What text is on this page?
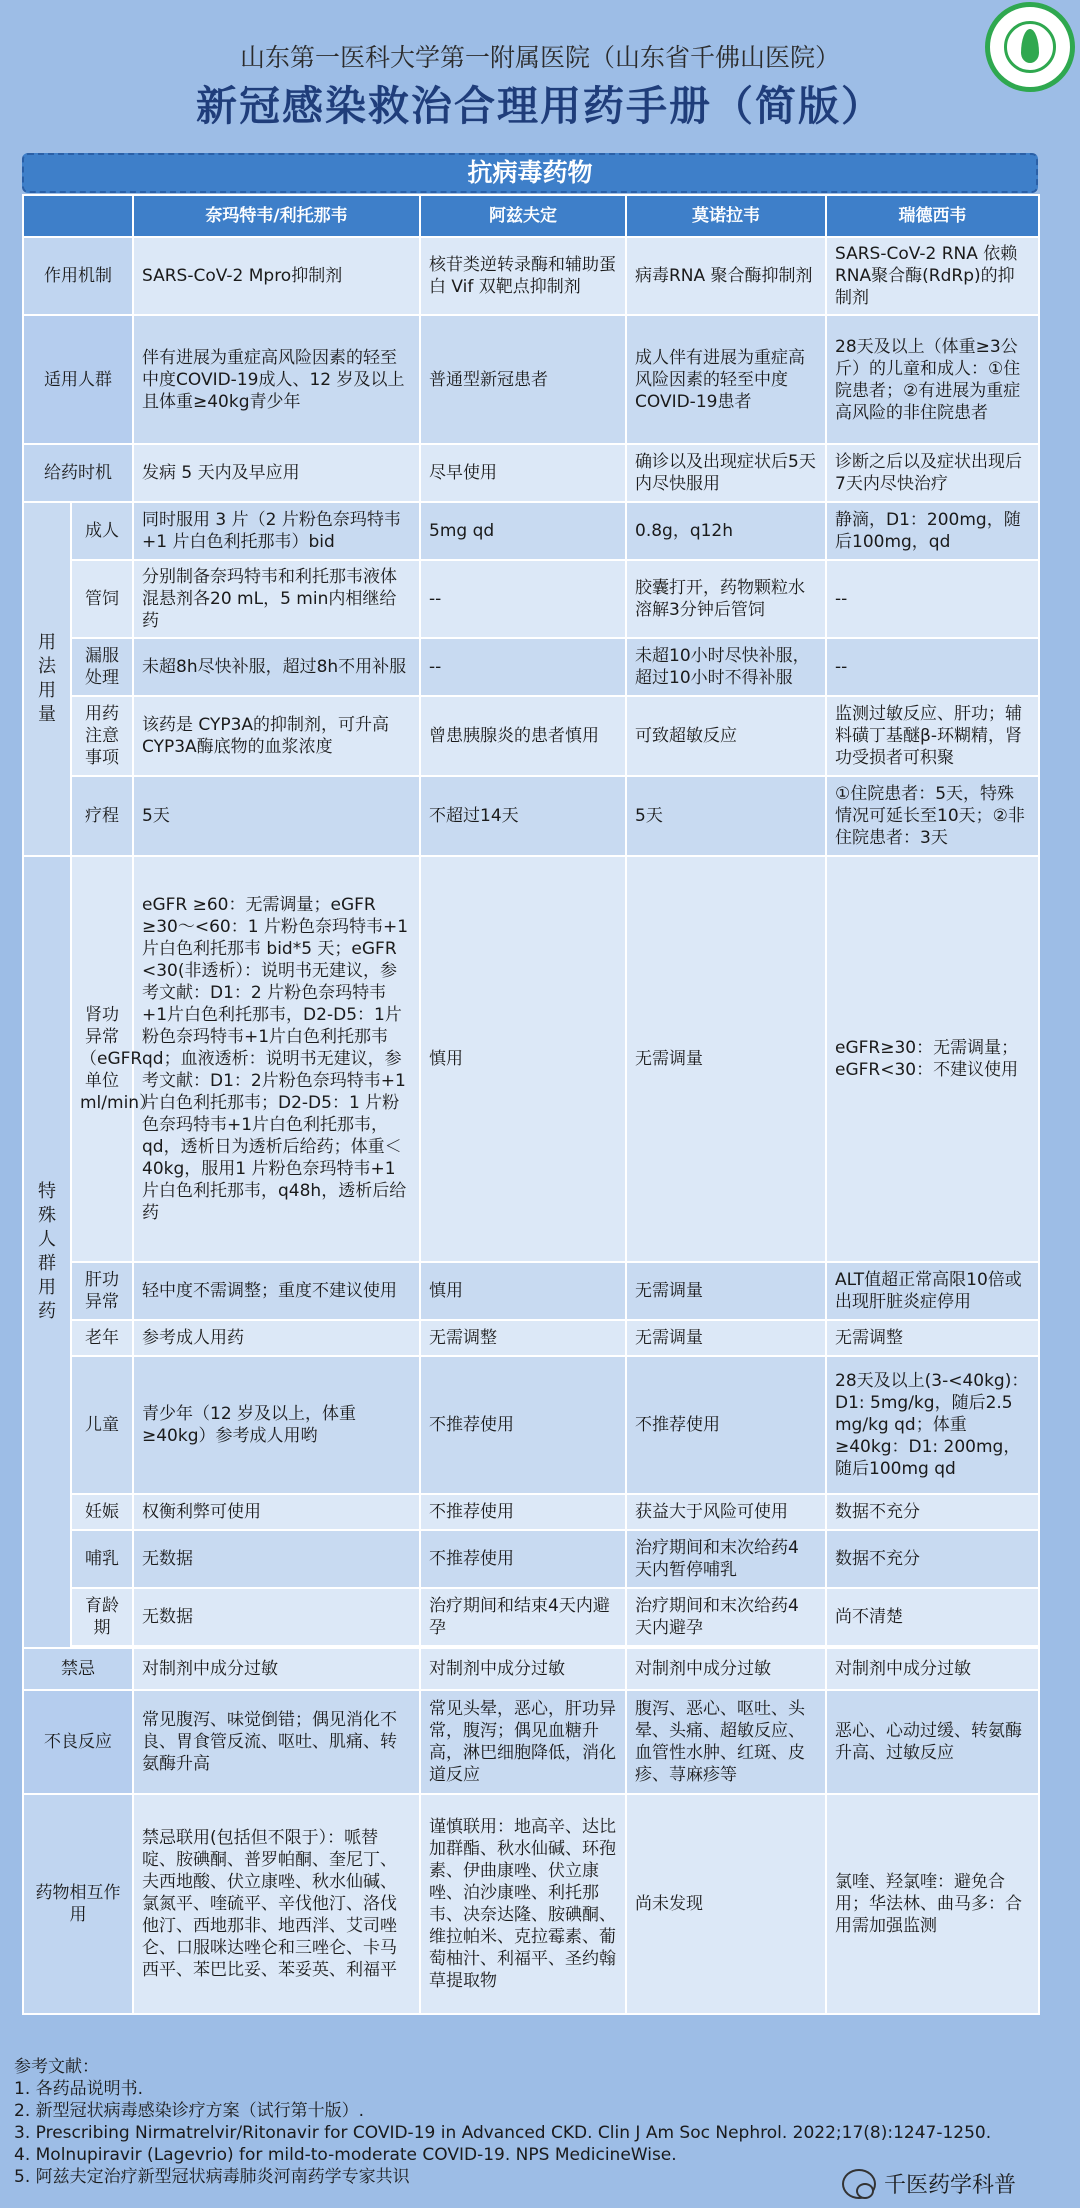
山东第一医科大学第一附属医院（山东省千佛山医院）
新冠感染救治合理用药手册（简版）
抗病毒药物
		奈玛特韦/利托那韦	阿兹夫定	莫诺拉韦	瑞德西韦
作用机制		SARS-CoV-2 Mpro抑制剂	核苷类逆转录酶和辅助蛋白 Vif 双靶点抑制剂	病毒RNA 聚合酶抑制剂	SARS-CoV-2 RNA 依赖RNA聚合酶(RdRp)的抑制剂
适用人群		伴有进展为重症高风险因素的轻至中度COVID-19成人、12 岁及以上且体重≥40kg青少年	普通型新冠患者	成人伴有进展为重症高风险因素的轻至中度COVID-19患者	28天及以上（体重≥3公斤）的儿童和成人：①住院患者；②有进展为重症高风险的非住院患者
给药时机		发病 5 天内及早应用	尽早使用	确诊以及出现症状后5天内尽快服用	诊断之后以及症状出现后7天内尽快治疗

用法用量	成人	同时服用 3 片（2 片粉色奈玛特韦+1 片白色利托那韦）bid	5mg qd	0.8g，q12h	静滴，D1：200mg，随后100mg，qd
	管饲	分别制备奈玛特韦和利托那韦液体混悬剂各20 mL，5 min内相继给药	--	胶囊打开，药物颗粒水溶解3分钟后管饲	--
	漏服处理	未超8h尽快补服，超过8h不用补服	--	未超10小时尽快补服，超过10小时不得补服	--
	用药注意事项	该药是 CYP3A的抑制剂，可升高 CYP3A酶底物的血浆浓度	曾患胰腺炎的患者慎用	可致超敏反应	监测过敏反应、肝功；辅料磺丁基醚β-环糊精，肾功受损者可积聚
	疗程	5天	不超过14天	5天	①住院患者：5天，特殊情况可延长至10天；②非住院患者：3天

特殊人群用药	肾功异常（eGFR单位ml/min）	eGFR ≥60：无需调量；eGFR ≥30～<60：1 片粉色奈玛特韦+1片白色利托那韦 bid*5 天；eGFR <30(非透析）：说明书无建议，参考文献：D1：2 片粉色奈玛特韦+1片白色利托那韦，D2-D5：1片粉色奈玛特韦+1片白色利托那韦 qd；血液透析：说明书无建议，参考文献：D1：2片粉色奈玛特韦+1片白色利托那韦；D2-D5：1 片粉色奈玛特韦+1片白色利托那韦，qd，透析日为透析后给药；体重＜40kg，服用1 片粉色奈玛特韦+1片白色利托那韦，q48h，透析后给药	慎用	无需调量	eGFR≥30：无需调量；eGFR<30：不建议使用
	肝功异常	轻中度不需调整；重度不建议使用	慎用	无需调量	ALT值超正常高限10倍或出现肝脏炎症停用
	老年	参考成人用药	无需调整	无需调量	无需调整
	儿童	青少年（12 岁及以上，体重≥40kg）参考成人用哟	不推荐使用	不推荐使用	28天及以上(3-<40kg)：D1: 5mg/kg，随后2.5 mg/kg qd；体重≥40kg：D1: 200mg，随后100mg qd
	妊娠	权衡利弊可使用	不推荐使用	获益大于风险可使用	数据不充分
	哺乳	无数据	不推荐使用	治疗期间和末次给药4 天内暂停哺乳	数据不充分
	育龄期	无数据	治疗期间和结束4天内避孕	治疗期间和末次给药4 天内避孕	尚不清楚

禁忌		对制剂中成分过敏	对制剂中成分过敏	对制剂中成分过敏	对制剂中成分过敏
不良反应		常见腹泻、味觉倒错；偶见消化不良、胃食管反流、呕吐、肌痛、转氨酶升高	常见头晕，恶心，肝功异常，腹泻；偶见血糖升高，淋巴细胞降低，消化道反应	腹泻、恶心、呕吐、头晕、头痛、超敏反应、血管性水肿、红斑、皮疹、荨麻疹等	恶心、心动过缓、转氨酶升高、过敏反应
药物相互作用		禁忌联用(包括但不限于）：哌替啶、胺碘酮、普罗帕酮、奎尼丁、夫西地酸、伏立康唑、秋水仙碱、氯氮平、喹硫平、辛伐他汀、洛伐他汀、西地那非、地西泮、艾司唑仑、口服咪达唑仑和三唑仑、卡马西平、苯巴比妥、苯妥英、利福平	谨慎联用：地高辛、达比加群酯、秋水仙碱、环孢素、伊曲康唑、伏立康唑、泊沙康唑、利托那韦、决奈达隆、胺碘酮、维拉帕米、克拉霉素、葡萄柚汁、利福平、圣约翰草提取物	尚未发现	氯喹、羟氯喹：避免合用；华法林、曲马多：合用需加强监测
参考文献：
1. 各药品说明书.
2. 新型冠状病毒感染诊疗方案（试行第十版）.
3. Prescribing Nirmatrelvir/Ritonavir for COVID-19 in Advanced CKD. Clin J Am Soc Nephrol. 2022;17(8):1247-1250.
4. Molnupiravir (Lagevrio) for mild-to-moderate COVID-19. NPS MedicineWise.
5. 阿兹夫定治疗新型冠状病毒肺炎河南药学专家共识	千医药学科普
